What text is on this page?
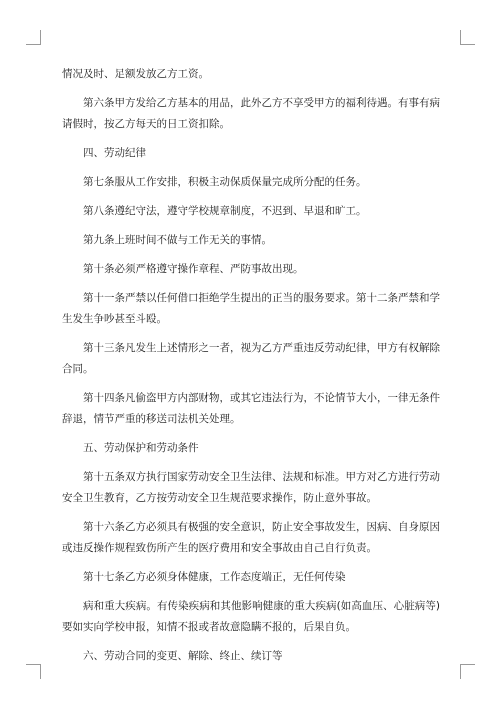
情况及时、足额发放乙方工资。

第六条甲方发给乙方基本的用品，此外乙方不享受甲方的福利待遇。有事有病请假时，按乙方每天的日工资扣除。

四、劳动纪律

第七条服从工作安排，积极主动保质保量完成所分配的任务。

第八条遵纪守法，遵守学校规章制度，不迟到、早退和旷工。

第九条上班时间不做与工作无关的事情。

第十条必须严格遵守操作章程、严防事故出现。

第十一条严禁以任何借口拒绝学生提出的正当的服务要求。第十二条严禁和学生发生争吵甚至斗殴。

第十三条凡发生上述情形之一者，视为乙方严重违反劳动纪律，甲方有权解除合同。

第十四条凡偷盗甲方内部财物，或其它违法行为，不论情节大小，一律无条件辞退，情节严重的移送司法机关处理。

五、劳动保护和劳动条件

第十五条双方执行国家劳动安全卫生法律、法规和标准。甲方对乙方进行劳动安全卫生教育，乙方按劳动安全卫生规范要求操作，防止意外事故。

第十六条乙方必须具有极强的安全意识，防止安全事故发生，因病、自身原因或违反操作规程致伤所产生的医疗费用和安全事故由自己自行负责。

第十七条乙方必须身体健康，工作态度端正，无任何传染

病和重大疾病。有传染疾病和其他影响健康的重大疾病(如高血压、心脏病等)要如实向学校申报，知情不报或者故意隐瞒不报的，后果自负。

六、劳动合同的变更、解除、终止、续订等
